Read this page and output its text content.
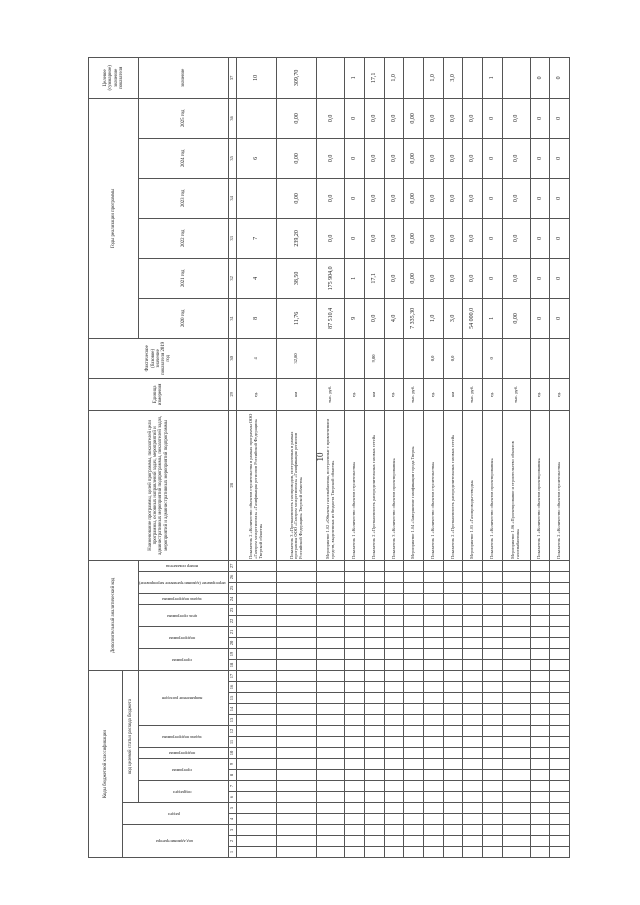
10
Коды бюджетной классификации																	Дополнительный аналитический код										Наименование программы, целей программы, показателей цели программы, основных направлений задач, мероприятий и административных мероприятий подпрограммы, показателей задач, мероприятий и административных мероприятий подпрограммы	Единица измерения	Фактическое (базовое) значение показателя 2019 год	Годы реализации программы						Целевое (суммарное) значение показателя
код администратора			раздел		код целевой статьи расхода бюджета																															
					подраздел		программа		подпрограмма	задача подпрограммы		направление расходов					программа		подпрограмма		цель программы		задача подпрограммы	мероприятие (административное мероприятие)		номер показателя				2020 год	2021 год	2022 год	2023 год	2024 год	2025 год	значение
1	2	3	4	5	6	7	8	9	10	11	12	13	14	15	16	17	18	19	20	21	22	23	24	25	26	27	28	29	30	31	32	33	34	35	36	37
																											Показатель 2 «Количество объектов строительства в рамках программы ООО «Газпром межрегионгаз» «Газификация регионов Российской Федерации» Тверской области»	ед.	4	8	4	7		6		10
																											Показатель 3 «Протяженность газопроводов, построенных в рамках программы ООО «Газпром межрегионгаз» «Газификация регионов Российской Федерации» Тверской области»	км	32,80	11,76	38,50	239,20	0,00	0,00	0,00	309,70
																											Мероприятие 1.02 «Объекты газоснабжения, построенные с привлечением средств, выделенных из бюджета Тверской области»	тыс. руб.		87 510,4	175 904,0	0,0	0,0	0,0	0,0	
																											Показатель 1 «Количество объектов строительства»	ед.		9	1	0	0	0	0	1
																											Показатель 2 «Протяженность распределительных газовых сетей»	км	9,00	0,0	17,1	0,0	0,0	0,0	0,0	17,1
																											Показатель 3 «Количество объектов проектирования»	ед.		4,0	0,0	0,0	0,0	0,0	0,0	1,0
																											Мероприятие 1.04 «Завершение газификации города Твери»	тыс. руб.		7 335,30	0,00	0,00	0,00	0,00	0,00	
																											Показатель 1 «Количество объектов строительства»	ед.	0,0	1,0	0,0	0,0	0,0	0,0	0,0	1,0
																											Показатель 2 «Протяженность распределительных газовых сетей»	км	0,0	3,0	0,0	0,0	0,0	0,0	0,0	3,0
																											Мероприятие 1.05 «Газопроводы-отводы»	тыс. руб.		54 000,0	0,0	0,0	0,0	0,0	0,0	
																											Показатель 1 «Количество объектов проектирования»	ед.	0	1	0	0	0	0	0	1
																											Мероприятие 1.06 «Проектирование и строительство объектов газоснабжения»	тыс. руб.		0,00	0,0	0,0	0,0	0,0	0,0	
																											Показатель 1 «Количество объектов проектирования»	ед.		0	0	0	0	0	0	0
																											Показатель 2 «Количество объектов строительства»	ед.		0	0	0	0	0	0	0
